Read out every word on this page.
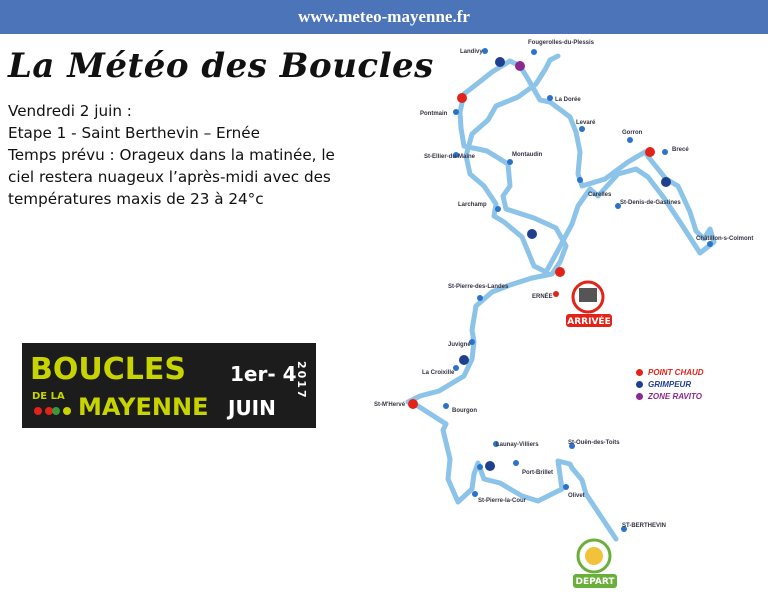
www.meteo-mayenne.fr
La Météo des Boucles
Vendredi 2 juin :
Etape 1 - Saint Berthevin – Ernée
Temps prévu : Orageux dans la matinée, le
ciel restera nuageux l’après-midi avec des
températures maxis de 23 à 24°c
BOUCLES
DE LA MAYENNE
1er- 4
JUIN
2017
Landivy
Fougerolles-du-Plessis
La Dorée
Pontmain
Levaré
Gorron
Brecé
St-Ellier-du-Maine	Montaudin
Carelles
St-Denis-de-Gastines
Larchamp
Châtillon-s-Colmont
St-Pierre-des-Landes
ERNÉE
Juvigné
La Croixille
St-M'Hervé
Bourgon
Launay-Villiers	St-Ouën-des-Toits
Port-Brillet
Olivet
St-Pierre-la-Cour
ST-BERTHEVIN
ARRIVÉE
DEPART
POINT CHAUD
GRIMPEUR
ZONE RAVITO
